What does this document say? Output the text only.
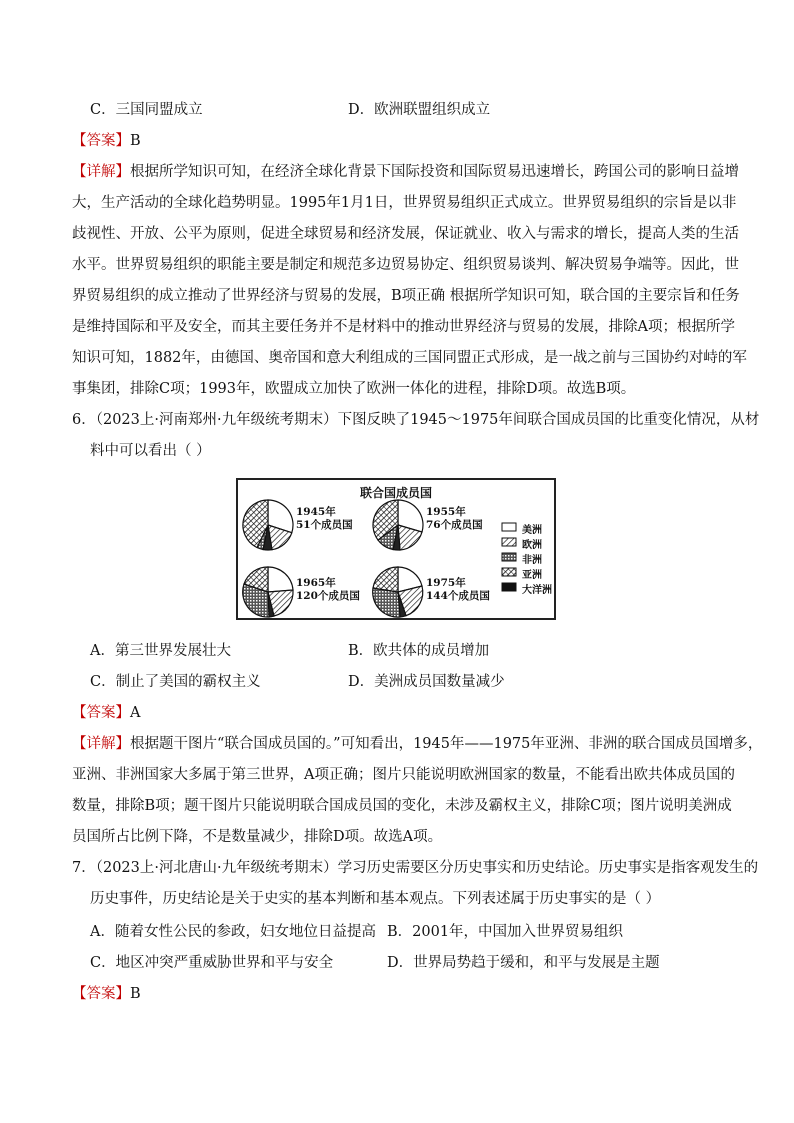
C．三国同盟成立	D．欧洲联盟组织成立
【答案】B
【详解】根据所学知识可知，在经济全球化背景下国际投资和国际贸易迅速增长，跨国公司的影响日益增
大，生产活动的全球化趋势明显。1995年1月1日，世界贸易组织正式成立。世界贸易组织的宗旨是以非
歧视性、开放、公平为原则，促进全球贸易和经济发展，保证就业、收入与需求的增长，提高人类的生活
水平。世界贸易组织的职能主要是制定和规范多边贸易协定、组织贸易谈判、解决贸易争端等。因此，世
界贸易组织的成立推动了世界经济与贸易的发展，B项正确 根据所学知识可知，联合国的主要宗旨和任务
是维持国际和平及安全，而其主要任务并不是材料中的推动世界经济与贸易的发展，排除A项；根据所学
知识可知，1882年，由德国、奥帝国和意大利组成的三国同盟正式形成，是一战之前与三国协约对峙的军
事集团，排除C项；1993年，欧盟成立加快了欧洲一体化的进程，排除D项。故选B项。
6．（2023上·河南郑州·九年级统考期末）下图反映了1945～1975年间联合国成员国的比重变化情况，从材
料中可以看出（ ）
联合国成员国
1945年
51个成员国
1955年
76个成员国
1965年
120个成员国
1975年
144个成员国
美洲
欧洲
非洲
亚洲
大洋洲
A．第三世界发展壮大	B．欧共体的成员增加
C．制止了美国的霸权主义	D．美洲成员国数量减少
【答案】A
【详解】根据题干图片“联合国成员国的。”可知看出，1945年——1975年亚洲、非洲的联合国成员国增多，
亚洲、非洲国家大多属于第三世界，A项正确；图片只能说明欧洲国家的数量，不能看出欧共体成员国的
数量，排除B项；题干图片只能说明联合国成员国的变化，未涉及霸权主义，排除C项；图片说明美洲成
员国所占比例下降，不是数量减少，排除D项。故选A项。
7．（2023上·河北唐山·九年级统考期末）学习历史需要区分历史事实和历史结论。历史事实是指客观发生的
历史事件，历史结论是关于史实的基本判断和基本观点。下列表述属于历史事实的是（ ）
A．随着女性公民的参政，妇女地位日益提高 B．2001年，中国加入世界贸易组织
C．地区冲突严重威胁世界和平与安全	D．世界局势趋于缓和，和平与发展是主题
【答案】B
